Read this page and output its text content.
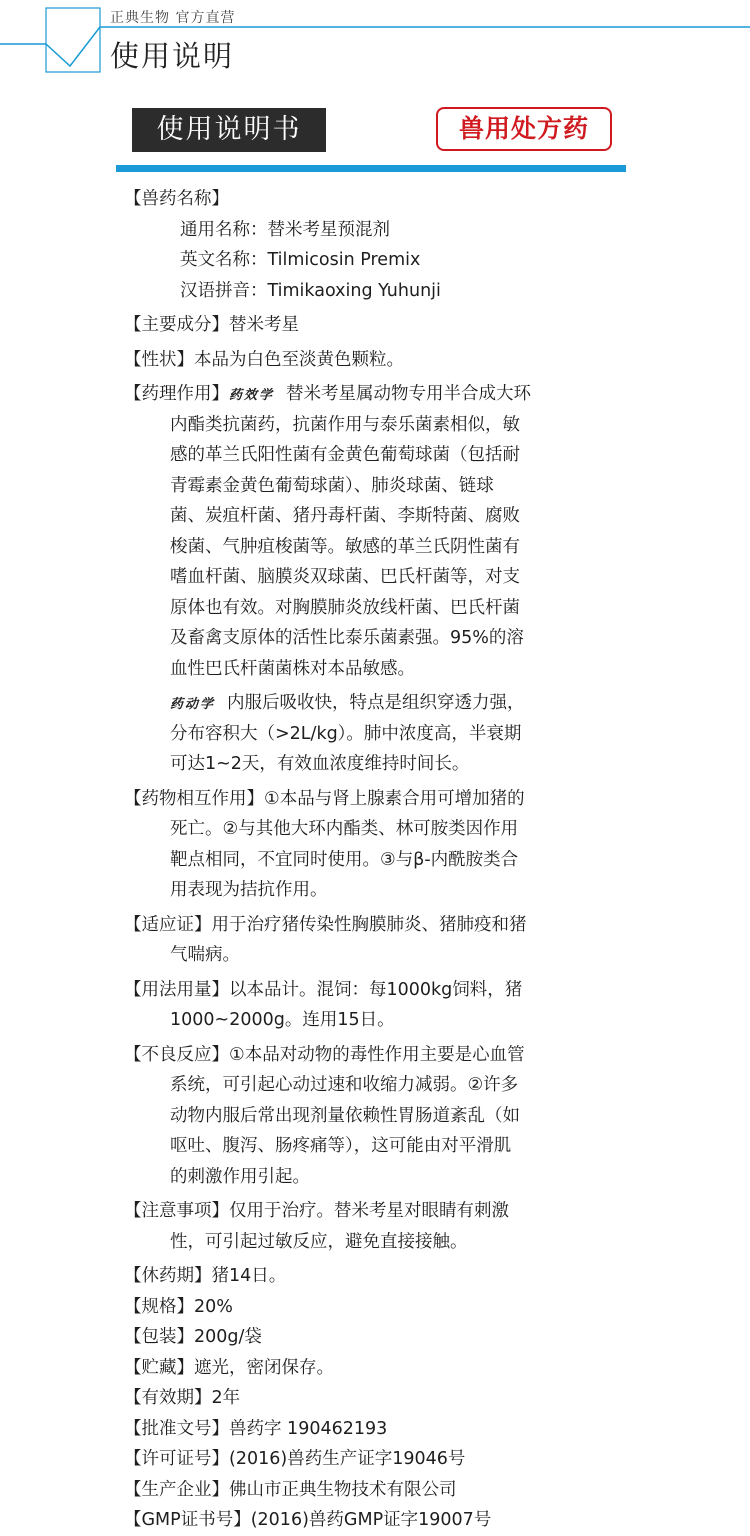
正典生物 官方直营
使用说明
使用说明书	兽用处方药
【兽药名称】
通用名称：替米考星预混剂
英文名称：Tilmicosin Premix
汉语拼音：Timikaoxing Yuhunji
【主要成分】替米考星
【性状】本品为白色至淡黄色颗粒。
【药理作用】药效学 替米考星属动物专用半合成大环
内酯类抗菌药，抗菌作用与泰乐菌素相似，敏
感的革兰氏阳性菌有金黄色葡萄球菌（包括耐
青霉素金黄色葡萄球菌）、肺炎球菌、链球
菌、炭疽杆菌、猪丹毒杆菌、李斯特菌、腐败
梭菌、气肿疽梭菌等。敏感的革兰氏阴性菌有
嗜血杆菌、脑膜炎双球菌、巴氏杆菌等，对支
原体也有效。对胸膜肺炎放线杆菌、巴氏杆菌
及畜禽支原体的活性比泰乐菌素强。95%的溶
血性巴氏杆菌菌株对本品敏感。
药动学 内服后吸收快，特点是组织穿透力强，
分布容积大（>2L/kg）。肺中浓度高，半衰期
可达1~2天，有效血浓度维持时间长。
【药物相互作用】①本品与肾上腺素合用可增加猪的
死亡。②与其他大环内酯类、林可胺类因作用
靶点相同，不宜同时使用。③与β-内酰胺类合
用表现为拮抗作用。
【适应证】用于治疗猪传染性胸膜肺炎、猪肺疫和猪
气喘病。
【用法用量】以本品计。混饲：每1000kg饲料，猪
1000~2000g。连用15日。
【不良反应】①本品对动物的毒性作用主要是心血管
系统，可引起心动过速和收缩力减弱。②许多
动物内服后常出现剂量依赖性胃肠道紊乱（如
呕吐、腹泻、肠疼痛等），这可能由对平滑肌
的刺激作用引起。
【注意事项】仅用于治疗。替米考星对眼睛有刺激
性，可引起过敏反应，避免直接接触。
【休药期】猪14日。
【规格】20%
【包装】200g/袋
【贮藏】遮光，密闭保存。
【有效期】2年
【批准文号】兽药字 190462193
【许可证号】(2016)兽药生产证字19046号
【生产企业】佛山市正典生物技术有限公司
【GMP证书号】(2016)兽药GMP证字19007号
